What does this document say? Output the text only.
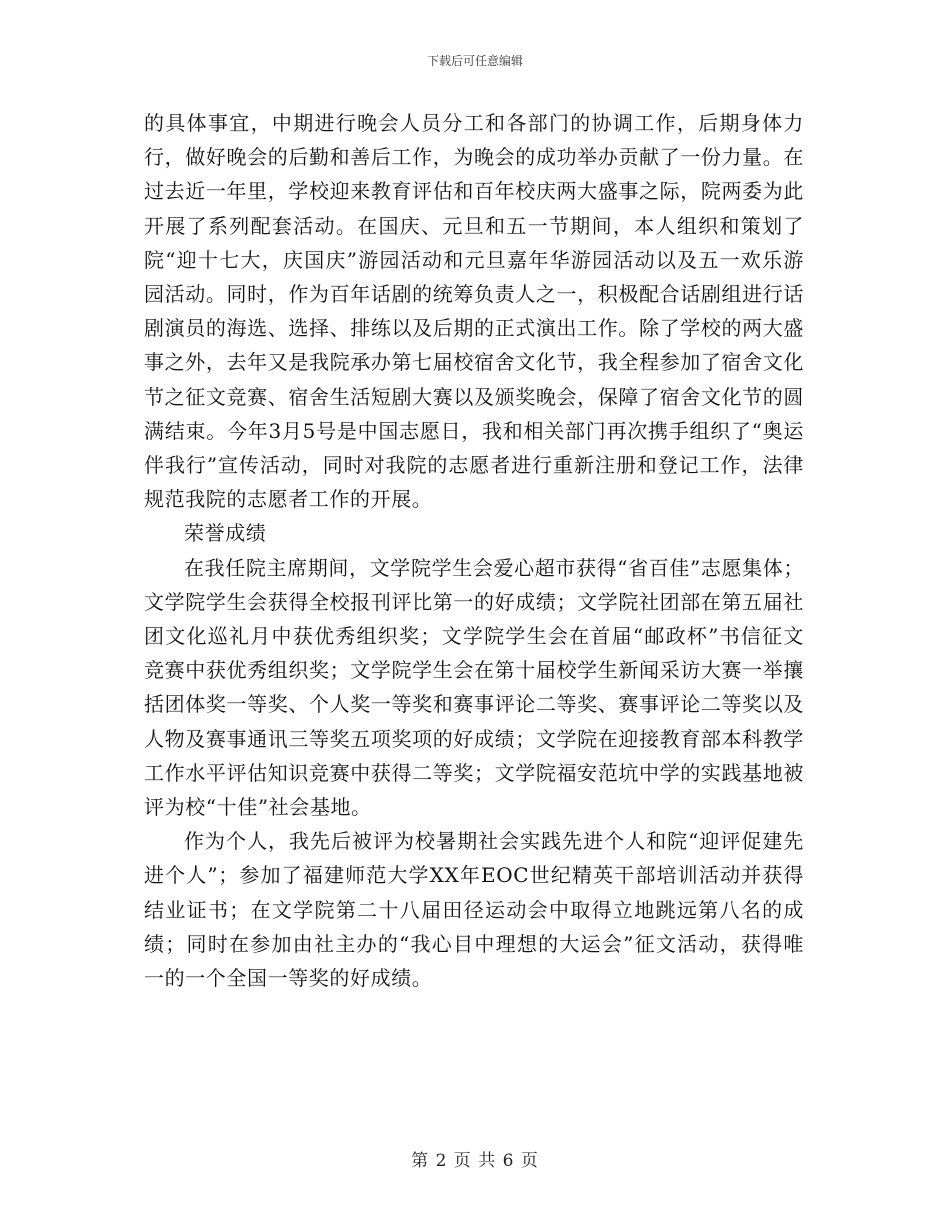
下载后可任意编辑

的具体事宜，中期进行晚会人员分工和各部门的协调工作，后期身体力行，做好晚会的后勤和善后工作，为晚会的成功举办贡献了一份力量。在过去近一年里，学校迎来教育评估和百年校庆两大盛事之际，院两委为此开展了系列配套活动。在国庆、元旦和五一节期间，本人组织和策划了院“迎十七大，庆国庆”游园活动和元旦嘉年华游园活动以及五一欢乐游园活动。同时，作为百年话剧的统筹负责人之一，积极配合话剧组进行话剧演员的海选、选择、排练以及后期的正式演出工作。除了学校的两大盛事之外，去年又是我院承办第七届校宿舍文化节，我全程参加了宿舍文化节之征文竞赛、宿舍生活短剧大赛以及颁奖晚会，保障了宿舍文化节的圆满结束。今年3月5号是中国志愿日，我和相关部门再次携手组织了“奥运伴我行”宣传活动，同时对我院的志愿者进行重新注册和登记工作，法律规范我院的志愿者工作的开展。

荣誉成绩

在我任院主席期间，文学院学生会爱心超市获得“省百佳”志愿集体；文学院学生会获得全校报刊评比第一的好成绩；文学院社团部在第五届社团文化巡礼月中获优秀组织奖；文学院学生会在首届“邮政杯”书信征文竞赛中获优秀组织奖；文学院学生会在第十届校学生新闻采访大赛一举攘括团体奖一等奖、个人奖一等奖和赛事评论二等奖、赛事评论二等奖以及人物及赛事通讯三等奖五项奖项的好成绩；文学院在迎接教育部本科教学工作水平评估知识竞赛中获得二等奖；文学院福安范坑中学的实践基地被评为校“十佳”社会基地。

作为个人，我先后被评为校暑期社会实践先进个人和院“迎评促建先进个人”；参加了福建师范大学XX年EOC世纪精英干部培训活动并获得结业证书；在文学院第二十八届田径运动会中取得立地跳远第八名的成绩；同时在参加由社主办的“我心目中理想的大运会”征文活动，获得唯一的一个全国一等奖的好成绩。

第 2 页 共 6 页
